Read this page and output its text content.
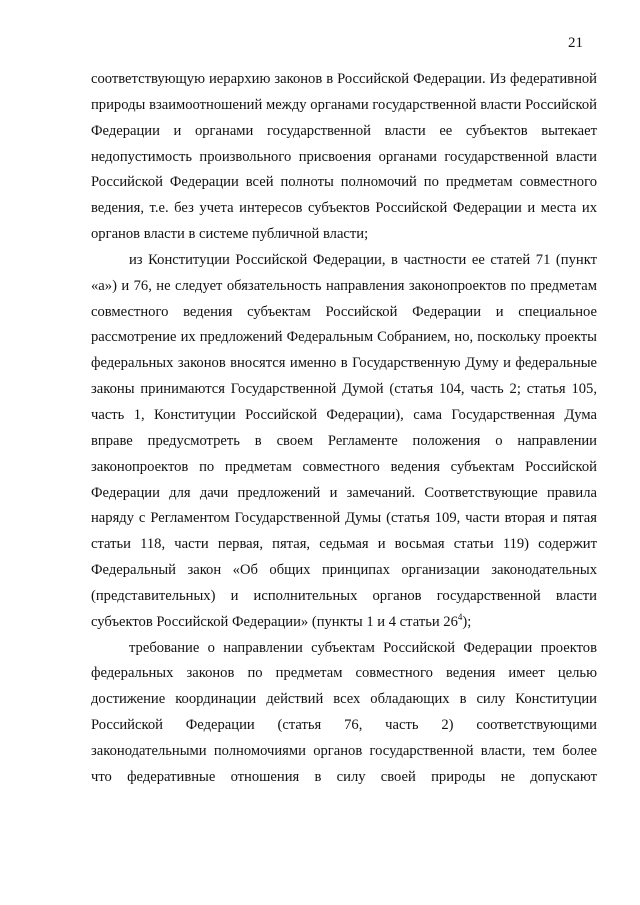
21

соответствующую иерархию законов в Российской Федерации. Из федеративной природы взаимоотношений между органами государственной власти Российской Федерации и органами государственной власти ее субъектов вытекает недопустимость произвольного присвоения органами государственной власти Российской Федерации всей полноты полномочий по предметам совместного ведения, т.е. без учета интересов субъектов Российской Федерации и места их органов власти в системе публичной власти;

из Конституции Российской Федерации, в частности ее статей 71 (пункт «а») и 76, не следует обязательность направления законопроектов по предметам совместного ведения субъектам Российской Федерации и специальное рассмотрение их предложений Федеральным Собранием, но, поскольку проекты федеральных законов вносятся именно в Государственную Думу и федеральные законы принимаются Государственной Думой (статья 104, часть 2; статья 105, часть 1, Конституции Российской Федерации), сама Государственная Дума вправе предусмотреть в своем Регламенте положения о направлении законопроектов по предметам совместного ведения субъектам Российской Федерации для дачи предложений и замечаний. Соответствующие правила наряду с Регламентом Государственной Думы (статья 109, части вторая и пятая статьи 118, части первая, пятая, седьмая и восьмая статьи 119) содержит Федеральный закон «Об общих принципах организации законодательных (представительных) и исполнительных органов государственной власти субъектов Российской Федерации» (пункты 1 и 4 статьи $26^4$);

требование о направлении субъектам Российской Федерации проектов федеральных законов по предметам совместного ведения имеет целью достижение координации действий всех обладающих в силу Конституции Российской Федерации (статья 76, часть 2) соответствующими законодательными полномочиями органов государственной власти, тем более что федеративные отношения в силу своей природы не допускают
